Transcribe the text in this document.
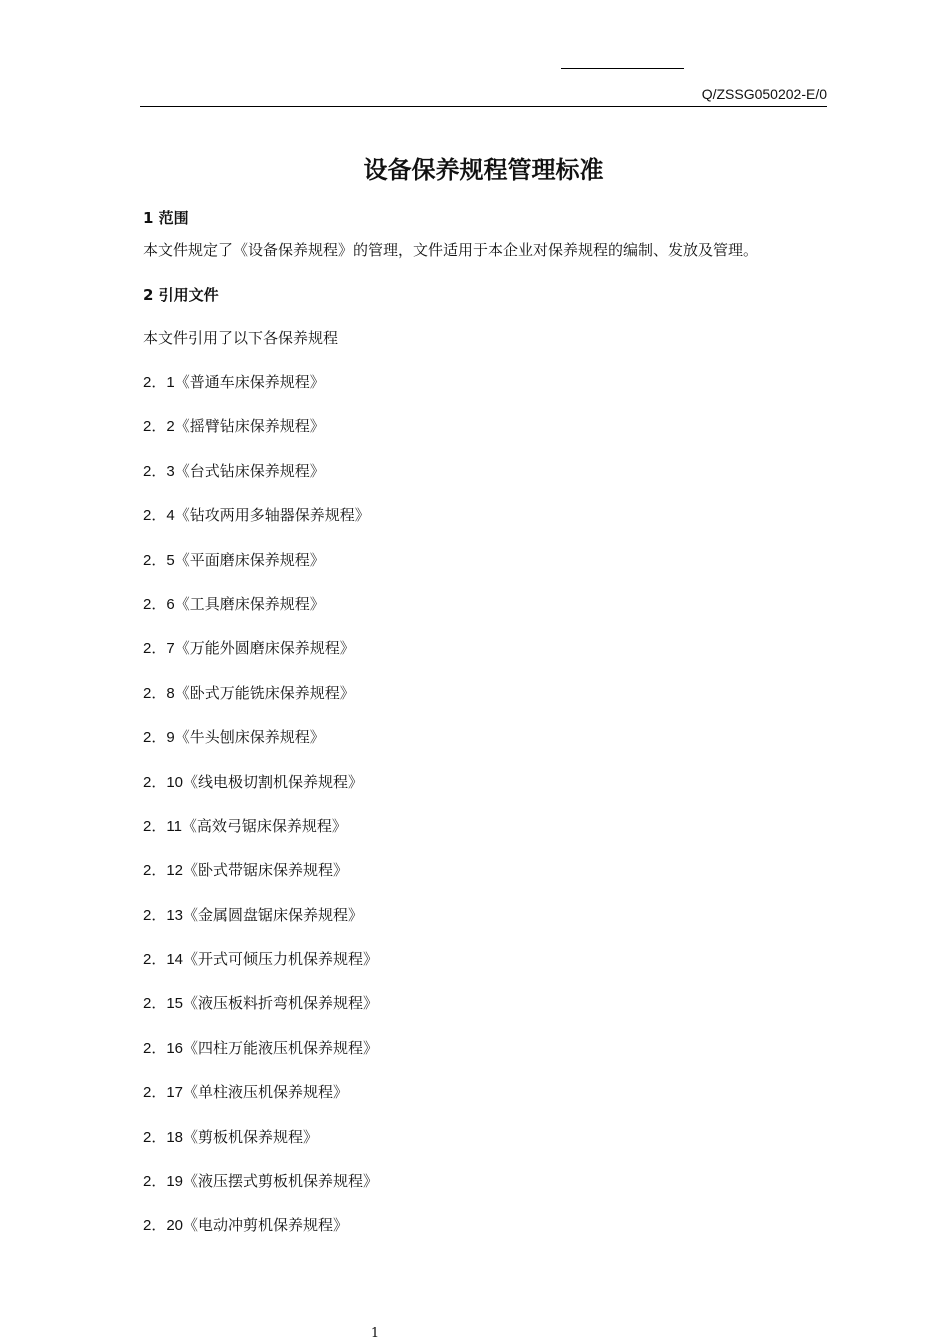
Q/ZSSG050202-E/0
设备保养规程管理标准
1 范围
本文件规定了《设备保养规程》的管理，文件适用于本企业对保养规程的编制、发放及管理。
2 引用文件
本文件引用了以下各保养规程
2．1《普通车床保养规程》
2．2《摇臂钻床保养规程》
2．3《台式钻床保养规程》
2．4《钻攻两用多轴器保养规程》
2．5《平面磨床保养规程》
2．6《工具磨床保养规程》
2．7《万能外圆磨床保养规程》
2．8《卧式万能铣床保养规程》
2．9《牛头刨床保养规程》
2．10《线电极切割机保养规程》
2．11《高效弓锯床保养规程》
2．12《卧式带锯床保养规程》
2．13《金属圆盘锯床保养规程》
2．14《开式可倾压力机保养规程》
2．15《液压板料折弯机保养规程》
2．16《四柱万能液压机保养规程》
2．17《单柱液压机保养规程》
2．18《剪板机保养规程》
2．19《液压摆式剪板机保养规程》
2．20《电动冲剪机保养规程》
1
